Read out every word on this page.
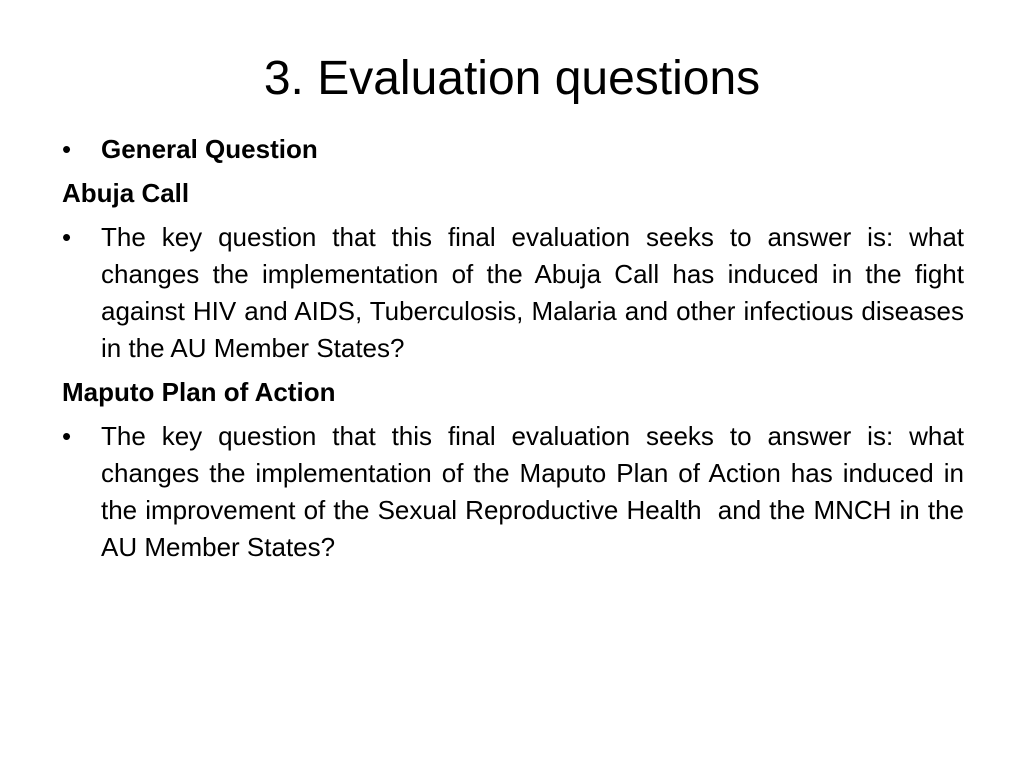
3. Evaluation questions
•	General Question
Abuja Call
•	The key question that this final evaluation seeks to answer is: what changes the implementation of the Abuja Call has induced in the fight against HIV and AIDS, Tuberculosis, Malaria and other infectious diseases in the AU Member States?
Maputo Plan of Action
•	The key question that this final evaluation seeks to answer is: what changes the implementation of the Maputo Plan of Action has induced in the improvement of the Sexual Reproductive Health  and the MNCH in the AU Member States?
